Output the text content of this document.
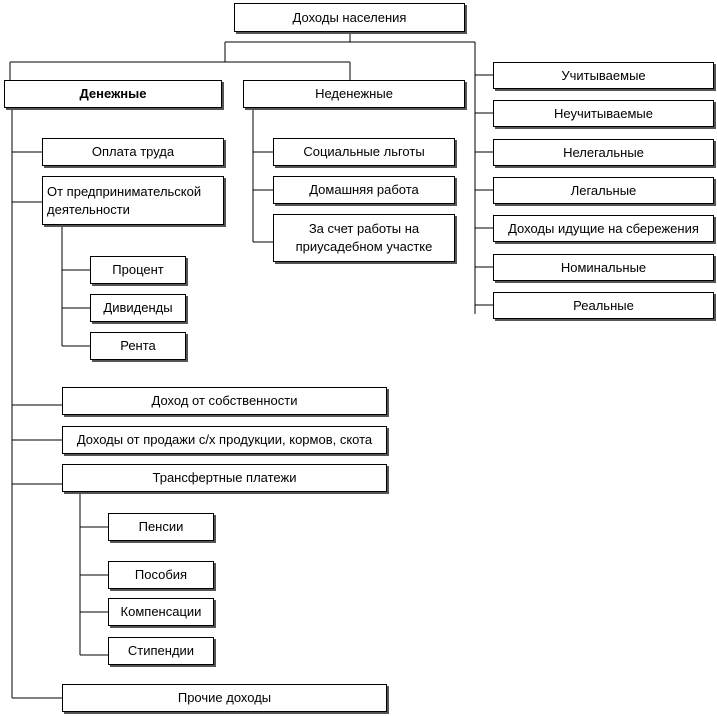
Доходы населения
Денежные	Неденежные
Учитываемые
Неучитываемые
Нелегальные
Легальные
Доходы идущие на сбережения
Номинальные
Реальные
Социальные льготы
Домашняя работа
За счет работы на приусадебном участке
Оплата труда
От предпринимательской деятельности
Процент
Дивиденды
Рента
Доход от собственности
Доходы от продажи с/х продукции, кормов, скота
Трансфертные платежи
Пенсии
Пособия
Компенсации
Стипендии
Прочие доходы
